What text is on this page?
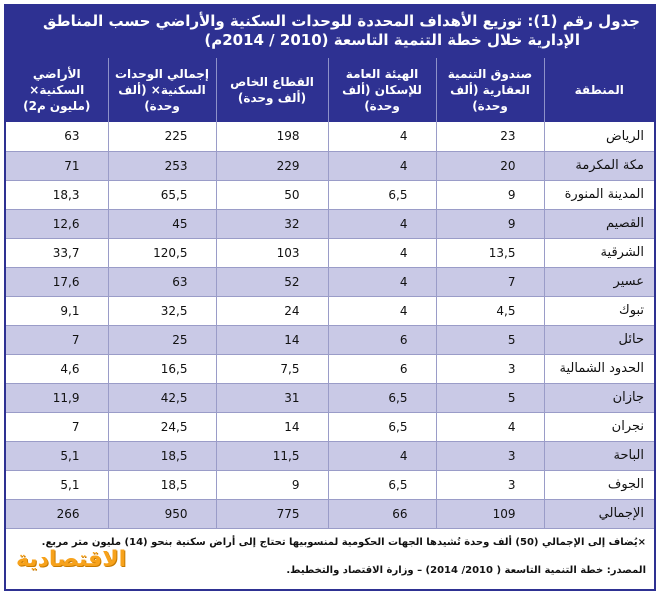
جدول رقم (1): توزيع الأهداف المحددة للوحدات السكنية والأراضي حسب المناطق
الإدارية خلال خطة التنمية التاسعة (2010 / 2014م)
المنطقة	صندوق التنمية العقارية (ألف وحدة)	الهيئة العامة للإسكان (ألف وحدة)	القطاع الخاص (ألف وحدة)	إجمالي الوحدات السكنية× (ألف وحدة)	الأراضي السكنية× (مليون م2)
الرياض	23	4	198	225	63
مكة المكرمة	20	4	229	253	71
المدينة المنورة	9	6,5	50	65,5	18,3
القصيم	9	4	32	45	12,6
الشرقية	13,5	4	103	120,5	33,7
عسير	7	4	52	63	17,6
تبوك	4,5	4	24	32,5	9,1
حائل	5	6	14	25	7
الحدود الشمالية	3	6	7,5	16,5	4,6
جازان	5	6,5	31	42,5	11,9
نجران	4	6,5	14	24,5	7
الباحة	3	4	11,5	18,5	5,1
الجوف	3	6,5	9	18,5	5,1
الإجمالي	109	66	775	950	266
×يُضاف إلى الإجمالي (50) ألف وحدة تُشيدها الجهات الحكومية لمنسوبيها تحتاج إلى أراض سكنية بنحو (14) مليون متر مربع.
المصدر: خطة التنمية التاسعة ( 2010/ 2014) – وزارة الاقتصاد والتخطيط.
الاقتصادية
